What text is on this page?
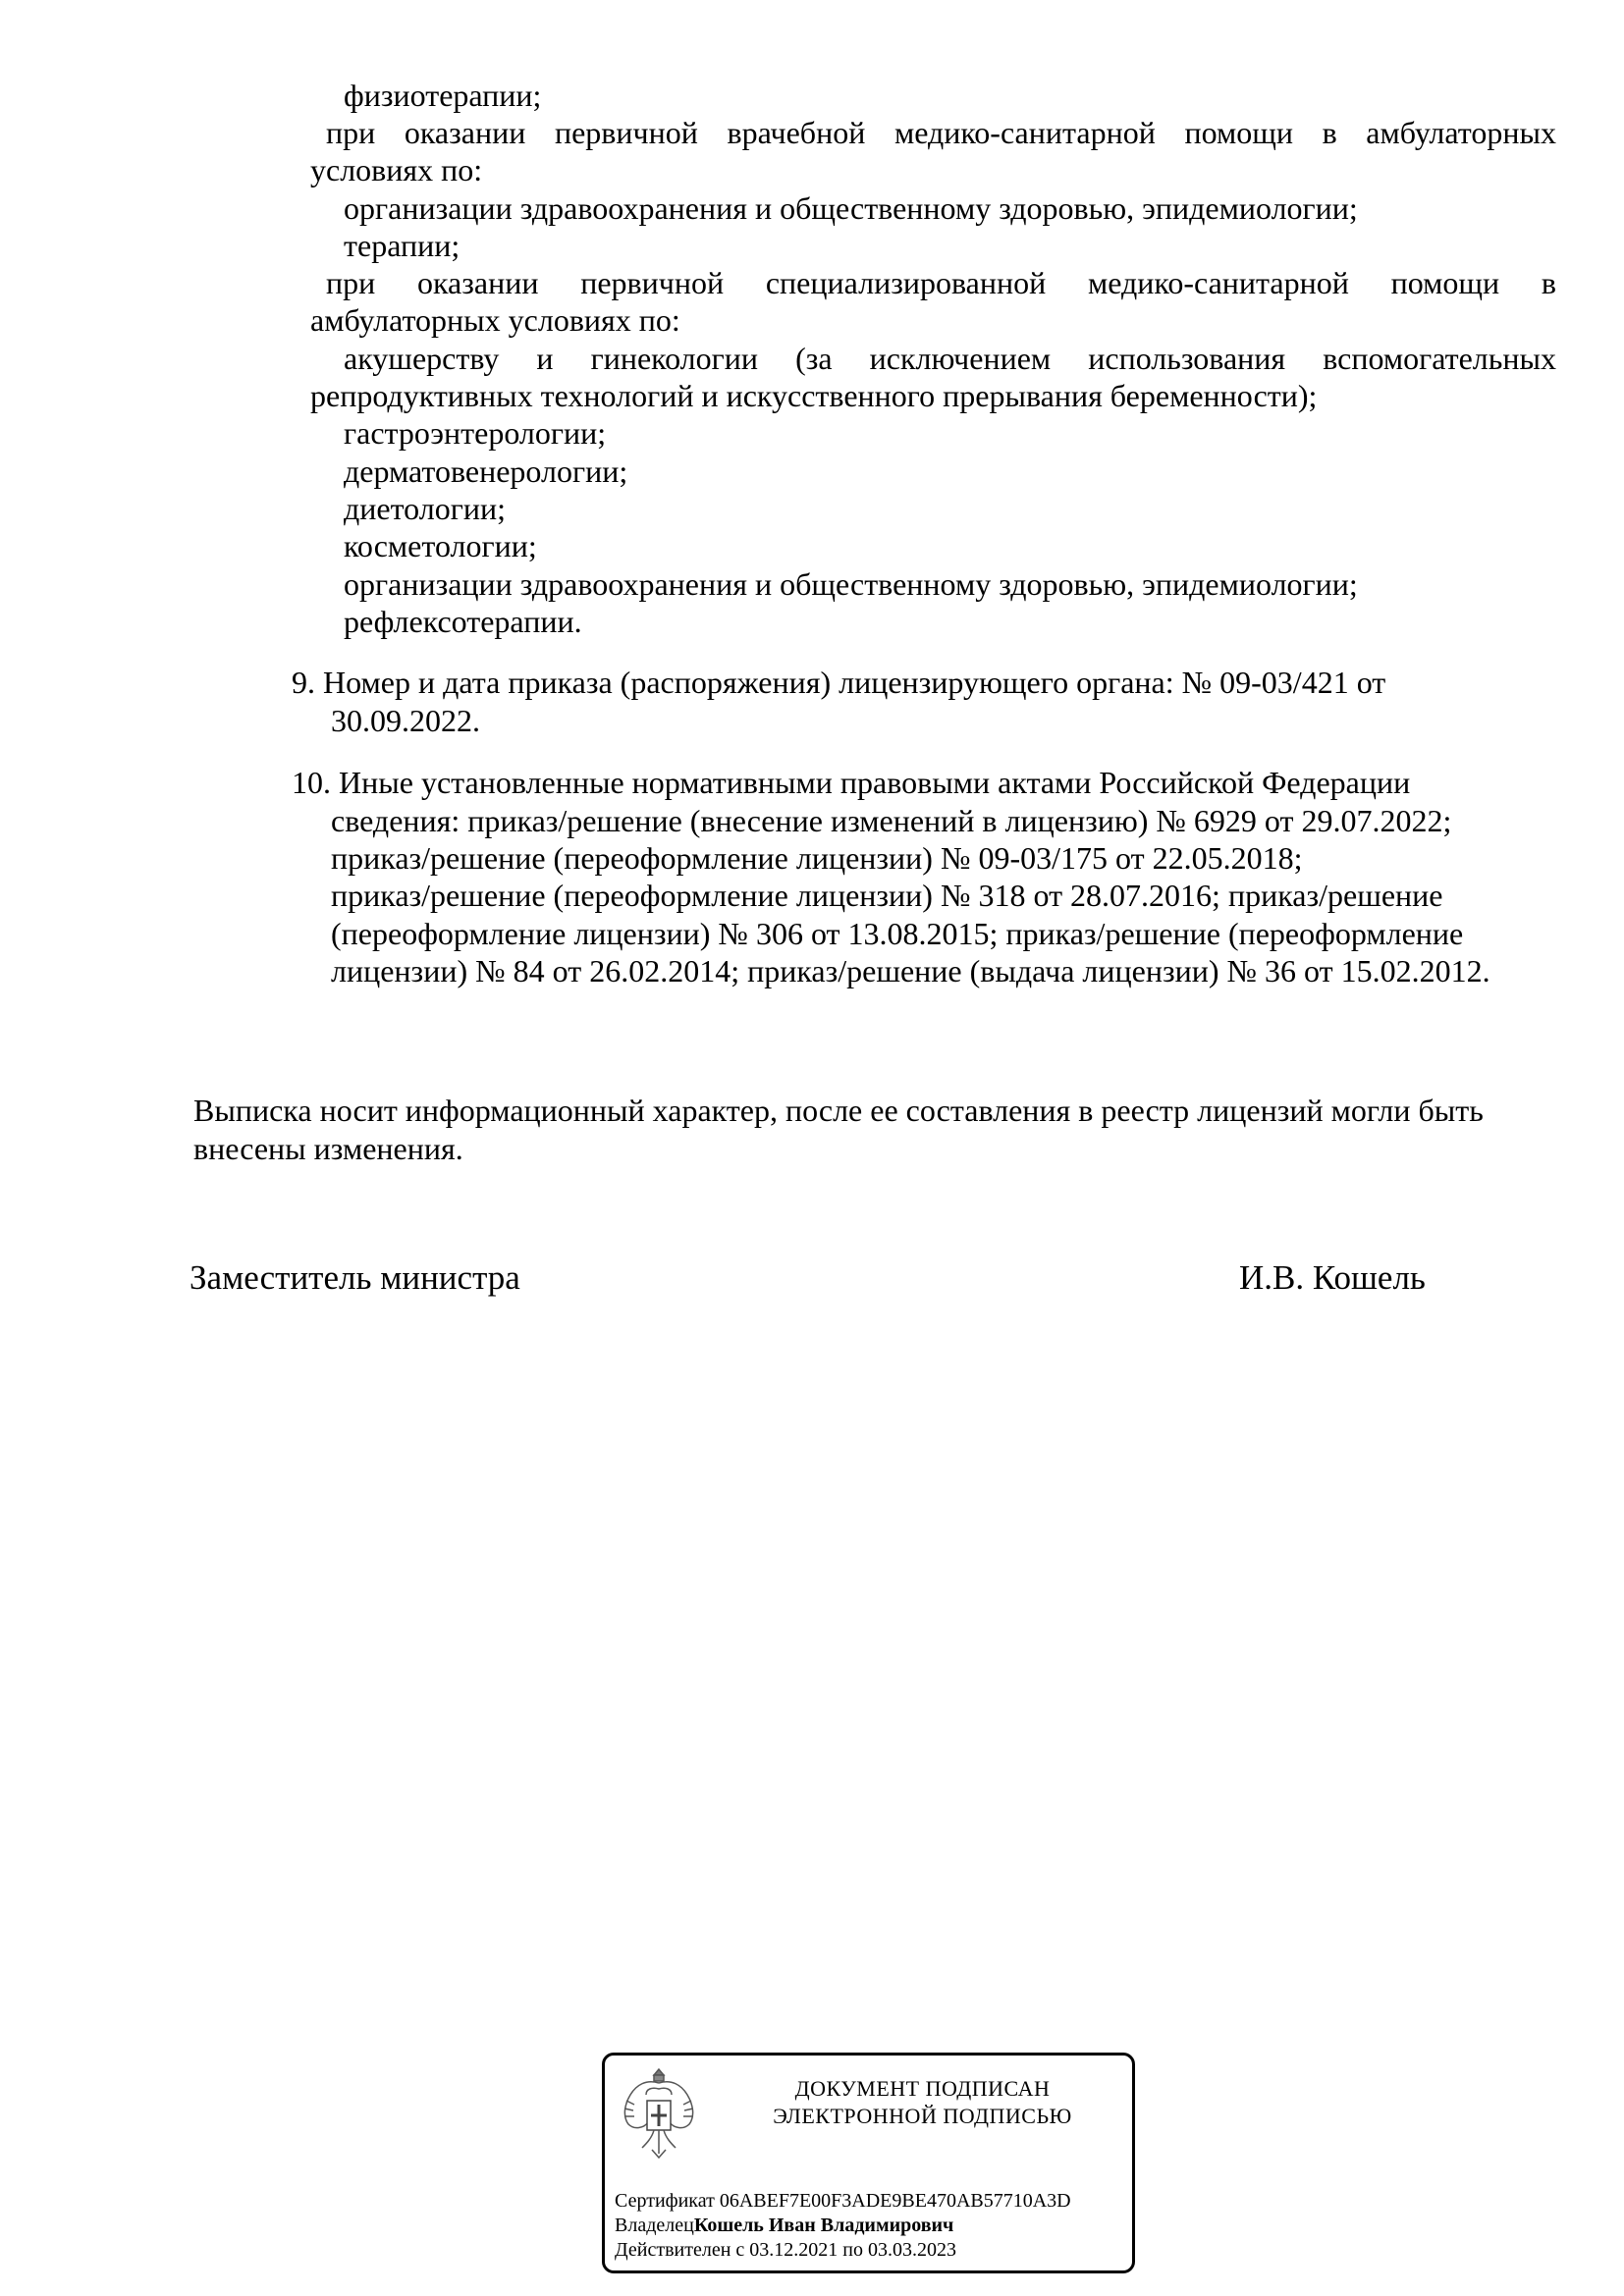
физиотерапии;
при оказании первичной врачебной медико-санитарной помощи в амбулаторных
условиях по:
организации здравоохранения и общественному здоровью, эпидемиологии;
терапии;
при оказании первичной специализированной медико-санитарной помощи в
амбулаторных условиях по:
акушерству и гинекологии (за исключением использования вспомогательных
репродуктивных технологий и искусственного прерывания беременности);
гастроэнтерологии;
дерматовенерологии;
диетологии;
косметологии;
организации здравоохранения и общественному здоровью, эпидемиологии;
рефлексотерапии.
9. Номер и дата приказа (распоряжения) лицензирующего органа: № 09-03/421 от
30.09.2022.
10. Иные установленные нормативными правовыми актами Российской Федерации
сведения: приказ/решение (внесение изменений в лицензию) № 6929 от 29.07.2022;
приказ/решение (переоформление лицензии) № 09-03/175 от 22.05.2018;
приказ/решение (переоформление лицензии) № 318 от 28.07.2016; приказ/решение
(переоформление лицензии) № 306 от 13.08.2015; приказ/решение (переоформление
лицензии) № 84 от 26.02.2014; приказ/решение (выдача лицензии) № 36 от 15.02.2012.
Выписка носит информационный характер, после ее составления в реестр лицензий могли быть
внесены изменения.
Заместитель министра	И.В. Кошель
ДОКУМЕНТ ПОДПИСАН
ЭЛЕКТРОННОЙ ПОДПИСЬЮ
Сертификат 06ABEF7E00F3ADE9BE470AB57710A3D
ВладелецКошель Иван Владимирович
Действителен с 03.12.2021 по 03.03.2023
